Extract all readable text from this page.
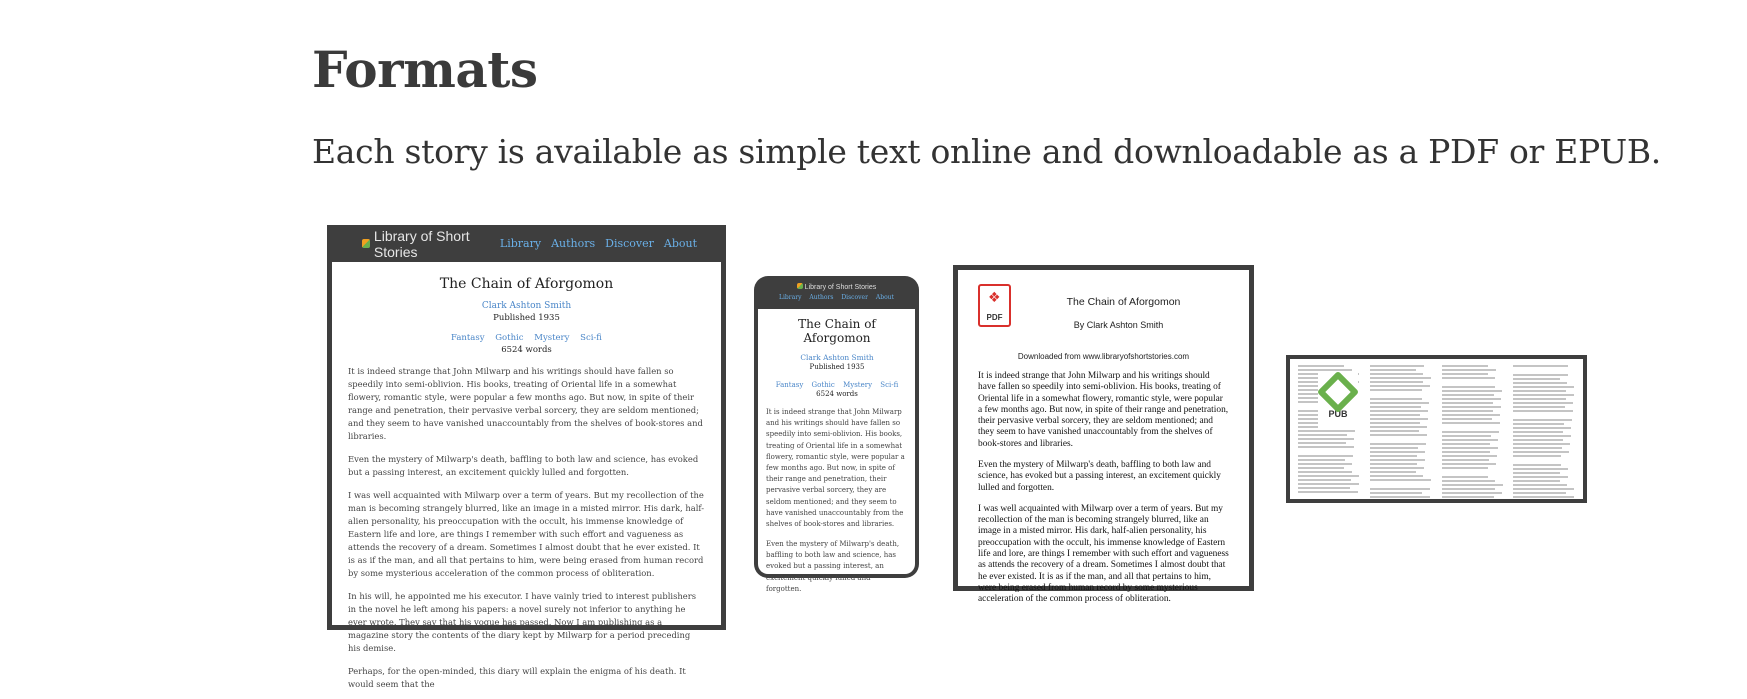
Formats

Each story is available as simple text online and downloadable as a PDF or EPUB.

Library of Short Stories	Library Authors Discover About
The Chain of Aforgomon
Clark Ashton Smith
Published 1935
Fantasy Gothic Mystery Sci-fi
6524 words

It is indeed strange that John Milwarp and his writings should have fallen so speedily into semi-oblivion. His books, treating of Oriental life in a somewhat flowery, romantic style, were popular a few months ago. But now, in spite of their range and penetration, their pervasive verbal sorcery, they are seldom mentioned; and they seem to have vanished unaccountably from the shelves of book-stores and libraries.

Even the mystery of Milwarp's death, baffling to both law and science, has evoked but a passing interest, an excitement quickly lulled and forgotten.

I was well acquainted with Milwarp over a term of years. But my recollection of the man is becoming strangely blurred, like an image in a misted mirror. His dark, half-alien personality, his preoccupation with the occult, his immense knowledge of Eastern life and lore, are things I remember with such effort and vagueness as attends the recovery of a dream. Sometimes I almost doubt that he ever existed. It is as if the man, and all that pertains to him, were being erased from human record by some mysterious acceleration of the common process of obliteration.

In his will, he appointed me his executor. I have vainly tried to interest publishers in the novel he left among his papers: a novel surely not inferior to anything he ever wrote. They say that his vogue has passed. Now I am publishing as a magazine story the contents of the diary kept by Milwarp for a period preceding his demise.

Perhaps, for the open-minded, this diary will explain the enigma of his death. It would seem that the

Library of Short Stories
Library Authors Discover About
The Chain of Aforgomon
Clark Ashton Smith
Published 1935
Fantasy Gothic Mystery Sci-fi
6524 words

It is indeed strange that John Milwarp and his writings should have fallen so speedily into semi-oblivion. His books, treating of Oriental life in a somewhat flowery, romantic style, were popular a few months ago. But now, in spite of their range and penetration, their pervasive verbal sorcery, they are seldom mentioned; and they seem to have vanished unaccountably from the shelves of book-stores and libraries.

Even the mystery of Milwarp's death, baffling to both law and science, has evoked but a passing interest, an excitement quickly lulled and forgotten.

❖
PDF
The Chain of Aforgomon
By Clark Ashton Smith
Downloaded from www.libraryofshortstories.com

It is indeed strange that John Milwarp and his writings should have fallen so speedily into semi-oblivion. His books, treating of Oriental life in a somewhat flowery, romantic style, were popular a few months ago. But now, in spite of their range and penetration, their pervasive verbal sorcery, they are seldom mentioned; and they seem to have vanished unaccountably from the shelves of book-stores and libraries.

Even the mystery of Milwarp's death, baffling to both law and science, has evoked but a passing interest, an excitement quickly lulled and forgotten.

I was well acquainted with Milwarp over a term of years. But my recollection of the man is becoming strangely blurred, like an image in a misted mirror. His dark, half-alien personality, his preoccupation with the occult, his immense knowledge of Eastern life and lore, are things I remember with such effort and vagueness as attends the recovery of a dream. Sometimes I almost doubt that he ever existed. It is as if the man, and all that pertains to him, were being erased from human record by some mysterious acceleration of the common process of obliteration.

PUB
